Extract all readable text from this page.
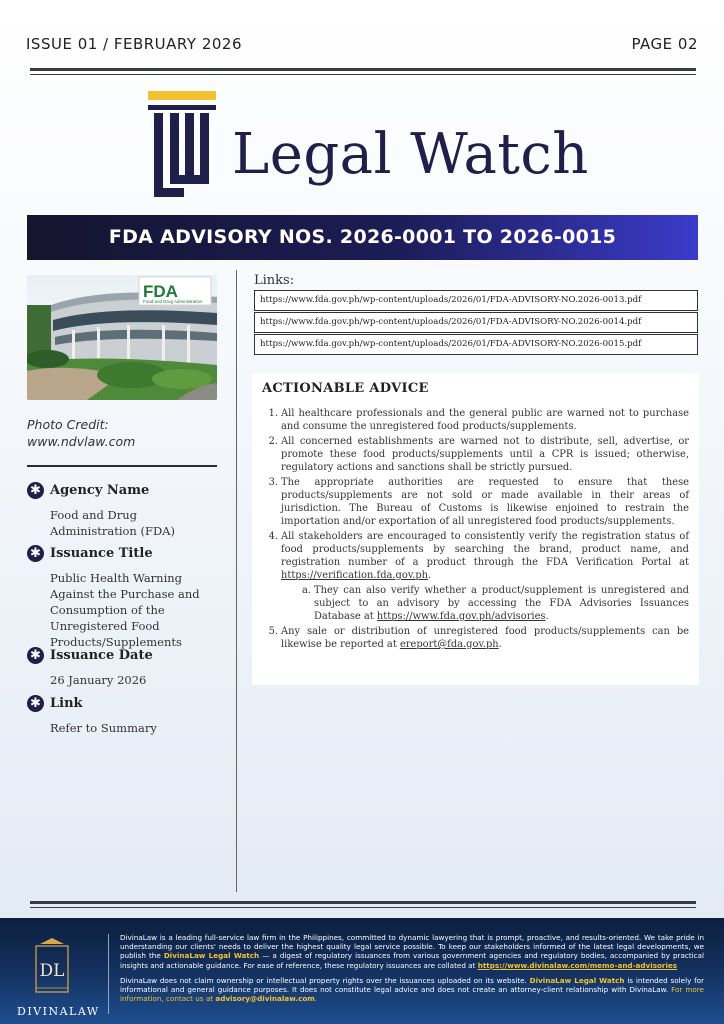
ISSUE 01 / FEBRUARY 2026	PAGE 02
Legal Watch
FDA ADVISORY NOS. 2026-0001 TO 2026-0015
FDA
Food and Drug Administration
Photo Credit:
www.ndvlaw.com
✱ Agency Name
Food and Drug Administration (FDA)
✱ Issuance Title
Public Health Warning Against the Purchase and Consumption of the Unregistered Food Products/Supplements
✱ Issuance Date
26 January 2026
✱ Link
Refer to Summary
Links:
https://www.fda.gov.ph/wp-content/uploads/2026/01/FDA-ADVISORY-NO.2026-0013.pdf
https://www.fda.gov.ph/wp-content/uploads/2026/01/FDA-ADVISORY-NO.2026-0014.pdf
https://www.fda.gov.ph/wp-content/uploads/2026/01/FDA-ADVISORY-NO.2026-0015.pdf
ACTIONABLE ADVICE
1. All healthcare professionals and the general public are warned not to purchase and consume the unregistered food products/supplements.
2. All concerned establishments are warned not to distribute, sell, advertise, or promote these food products/supplements until a CPR is issued; otherwise, regulatory actions and sanctions shall be strictly pursued.
3. The appropriate authorities are requested to ensure that these products/supplements are not sold or made available in their areas of jurisdiction. The Bureau of Customs is likewise enjoined to restrain the importation and/or exportation of all unregistered food products/supplements.
4. All stakeholders are encouraged to consistently verify the registration status of food products/supplements by searching the brand, product name, and registration number of a product through the FDA Verification Portal at https://verification.fda.gov.ph.
a. They can also verify whether a product/supplement is unregistered and subject to an advisory by accessing the FDA Advisories Issuances Database at https://www.fda.gov.ph/advisories.
5. Any sale or distribution of unregistered food products/supplements can be likewise be reported at ereport@fda.gov.ph.
DL
DIVINALAW

DivinaLaw is a leading full-service law firm in the Philippines, committed to dynamic lawyering that is prompt, proactive, and results-oriented. We take pride in understanding our clients' needs to deliver the highest quality legal service possible. To keep our stakeholders informed of the latest legal developments, we publish the DivinaLaw Legal Watch — a digest of regulatory issuances from various government agencies and regulatory bodies, accompanied by practical insights and actionable guidance. For ease of reference, these regulatory issuances are collated at https://www.divinalaw.com/memo-and-advisories

DivinaLaw does not claim ownership or intellectual property rights over the issuances uploaded on its website. DivinaLaw Legal Watch is intended solely for informational and general guidance purposes. It does not constitute legal advice and does not create an attorney-client relationship with DivinaLaw. For more information, contact us at advisory@divinalaw.com.
